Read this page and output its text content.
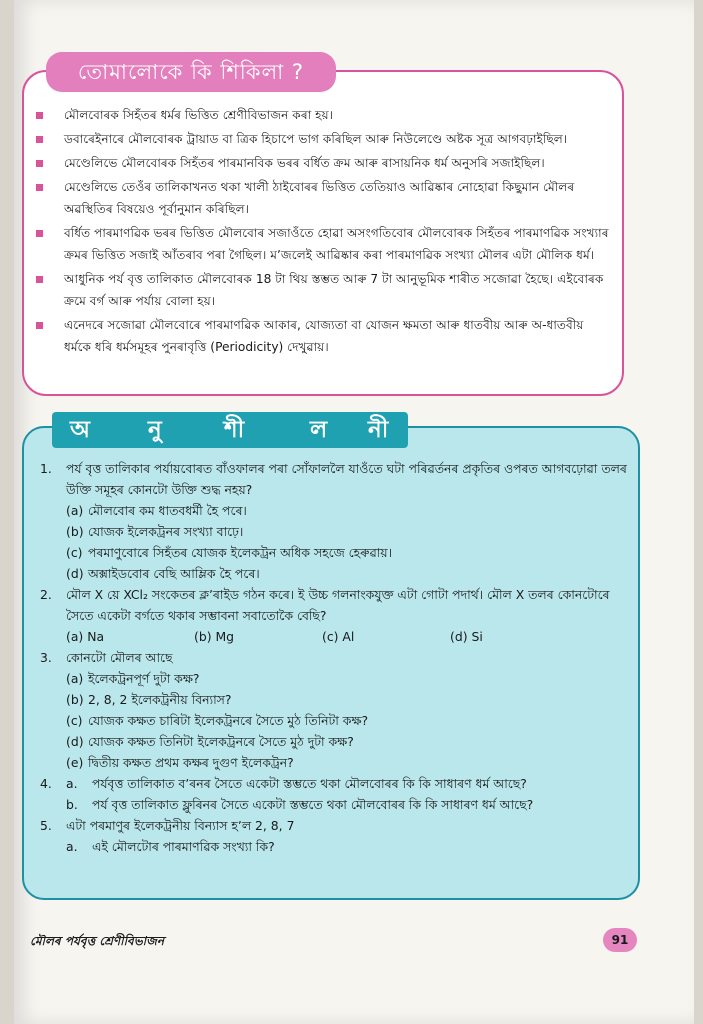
তোমালোকে কি শিকিলা ?
মৌলবোৰক সিহঁতৰ ধৰ্মৰ ভিত্তিত শ্ৰেণীবিভাজন কৰা হয়।
ডবাৰেইনাৰে মৌলবোৰক ট্ৰায়াড বা ত্ৰিক হিচাপে ভাগ কৰিছিল আৰু নিউলেণ্ডে অষ্টক সূত্ৰ আগবঢ়াইছিল।
মেণ্ডেলিভে মৌলবোৰক সিহঁতৰ পাৰমানবিক ভৰৰ বৰ্ধিত ক্ৰম আৰু ৰাসায়নিক ধৰ্ম অনুসৰি সজাইছিল।
মেণ্ডেলিভে তেওঁৰ তালিকাখনত থকা খালী ঠাইবোৰৰ ভিত্তিত তেতিয়াও আৱিষ্কাৰ নোহোৱা কিছুমান মৌলৰ অৱস্থিতিৰ বিষয়েও পূৰ্বানুমান কৰিছিল।
বৰ্ধিত পাৰমাণৱিক ভৰৰ ভিত্তিত মৌলবোৰ সজাওঁতে হোৱা অসংগতিবোৰ মৌলবোৰক সিহঁতৰ পাৰমাণৱিক সংখ্যাৰ ক্ৰমৰ ভিত্তিত সজাই আঁতৰাব পৰা গৈছিল। মʼজলেই আৱিষ্কাৰ কৰা পাৰমাণৱিক সংখ্যা মৌলৰ এটা মৌলিক ধৰ্ম।
আধুনিক পৰ্য বৃত্ত তালিকাত মৌলবোৰক 18 টা থিয় স্তম্ভত আৰু 7 টা আনুভূমিক শাৰীত সজোৱা হৈছে। এইবোৰক ক্ৰমে বৰ্গ আৰু পৰ্যায় বোলা হয়।
এনেদৰে সজোৱা মৌলবোৰে পাৰমাণৱিক আকাৰ, যোজ্যতা বা যোজন ক্ষমতা আৰু ধাতবীয় আৰু অ-ধাতবীয় ধৰ্মকে ধৰি ধৰ্মসমূহৰ পুনৰাবৃত্তি (Periodicity) দেখুৱায়।
অ	নু	শী	ল নী
1.	পৰ্য বৃত্ত তালিকাৰ পৰ্যায়বোৰত বাঁওফালৰ পৰা সোঁফাললৈ যাওঁতে ঘটা পৰিৱৰ্তনৰ প্ৰকৃতিৰ ওপৰত আগবঢ়োৱা তলৰ উক্তি সমূহৰ কোনটো উক্তি শুদ্ধ নহয়?
(a) মৌলবোৰ কম ধাতবধৰ্মী হৈ পৰে।
(b) যোজক ইলেকট্ৰনৰ সংখ্যা বাঢ়ে।
(c) পৰমাণুবোৰে সিহঁতৰ যোজক ইলেকট্ৰন অধিক সহজে হেৰুৱায়।
(d) অক্সাইডবোৰ বেছি আম্লিক হৈ পৰে।
2.	মৌল X য়ে XCl₂ সংকেতৰ ক্লʼৰাইড গঠন কৰে। ই উচ্চ গলনাংকযুক্ত এটা গোটা পদাৰ্থ। মৌল X তলৰ কোনটোৰে সৈতে একেটা বৰ্গতে থকাৰ সম্ভাবনা সবাতোকৈ বেছি?
(a) Na	(b) Mg	(c) Al	(d) Si
3.	কোনটো মৌলৰ আছে
(a) ইলেকট্ৰনপূৰ্ণ দুটা কক্ষ?
(b) 2, 8, 2 ইলেকট্ৰনীয় বিন্যাস?
(c) যোজক কক্ষত চাৰিটা ইলেকট্ৰনৰে সৈতে মুঠ তিনিটা কক্ষ?
(d) যোজক কক্ষত তিনিটা ইলেকট্ৰনৰে সৈতে মুঠ দুটা কক্ষ?
(e) দ্বিতীয় কক্ষত প্ৰথম কক্ষৰ দুগুণ ইলেকট্ৰন?
4.	a.	পৰ্যবৃত্ত তালিকাত বʼৰনৰ সৈতে একেটা স্তম্ভতে থকা মৌলবোৰৰ কি কি সাধাৰণ ধৰ্ম আছে?
b.	পৰ্য বৃত্ত তালিকাত ফ্লুৰিনৰ সৈতে একেটা স্তম্ভতে থকা মৌলবোৰৰ কি কি সাধাৰণ ধৰ্ম আছে?
5.	এটা পৰমাণুৰ ইলেকট্ৰনীয় বিন্যাস হʼল 2, 8, 7
a.	এই মৌলটোৰ পাৰমাণৱিক সংখ্যা কি?
মৌলৰ পৰ্যবৃত্ত শ্ৰেণীবিভাজন	91
